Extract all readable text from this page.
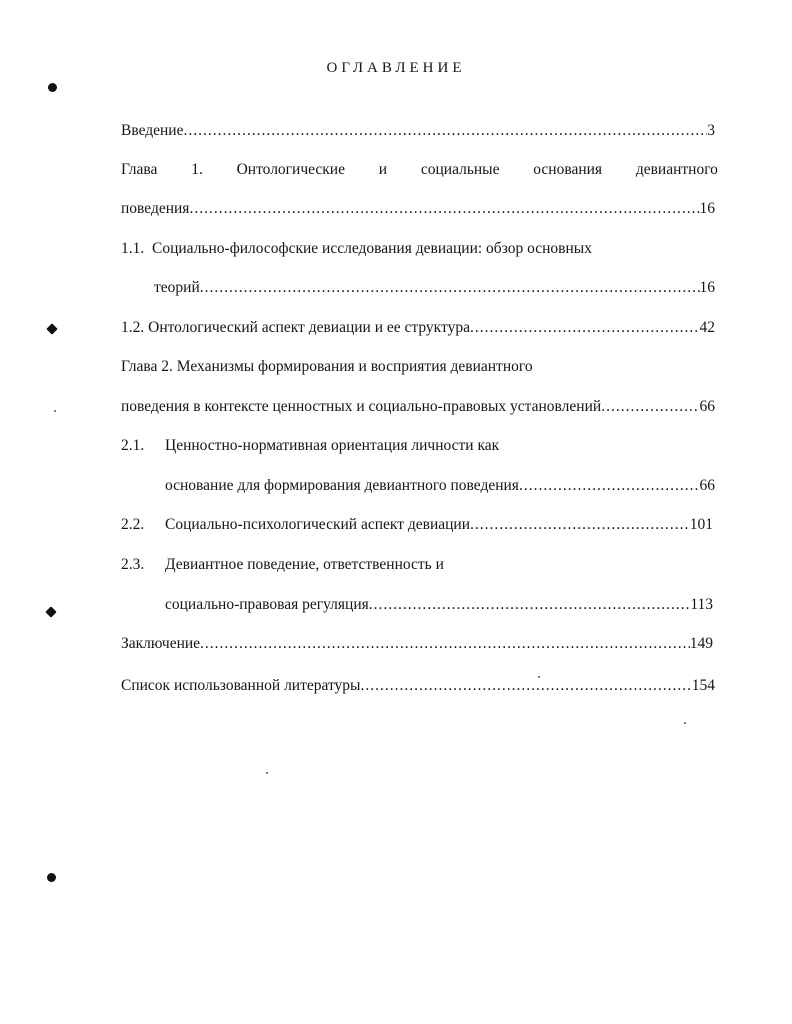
ОГЛАВЛЕНИЕ
Введение .....	3
Глава 1. Онтологические и социальные основания девиантного
поведения .....	16
1.1. Социально-философские исследования девиации: обзор основных
теорий .....	16
1.2. Онтологический аспект девиации и ее структура .....	42
Глава 2. Механизмы формирования и восприятия девиантного
поведения в контексте ценностных и социально-правовых установлений .....	66
2.1. Ценностно-нормативная ориентация личности как
основание для формирования девиантного поведения .....	66
2.2. Социально-психологический аспект девиации .....	101
2.3. Девиантное поведение, ответственность и
социально-правовая регуляция .....	113
Заключение .....	149
Список использованной литературы .....	154
